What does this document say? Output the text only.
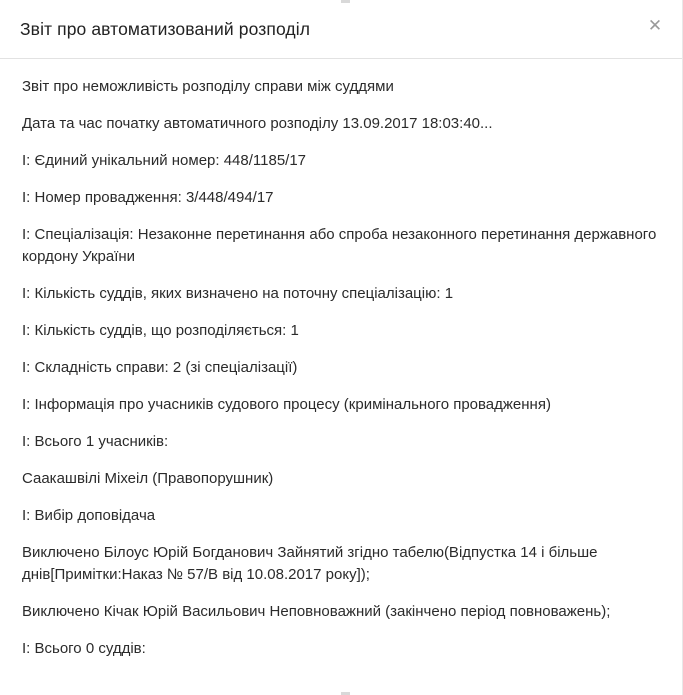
Звіт про автоматизований розподіл	✕

Звіт про неможливість розподілу справи між суддями

Дата та час початку автоматичного розподілу 13.09.2017 18:03:40...

I: Єдиний унікальний номер: 448/1185/17

I: Номер провадження: 3/448/494/17

I: Спеціалізація: Незаконне перетинання або спроба незаконного перетинання державного кордону України

I: Кількість суддів, яких визначено на поточну спеціалізацію: 1

I: Кількість суддів, що розподіляється: 1

I: Складність справи: 2 (зі спеціалізації)

I: Інформація про учасників судового процесу (кримінального провадження)

I: Всього 1 учасників:

Саакашвілі Міхеіл (Правопорушник)

I: Вибір доповідача

Виключено Білоус Юрій Богданович Зайнятий згідно табелю(Відпустка 14 і більше днів[Примітки:Наказ № 57/В від 10.08.2017 року]);

Виключено Кічак Юрій Васильович Неповноважний (закінчено період повноважень);

I: Всього 0 суддів:
